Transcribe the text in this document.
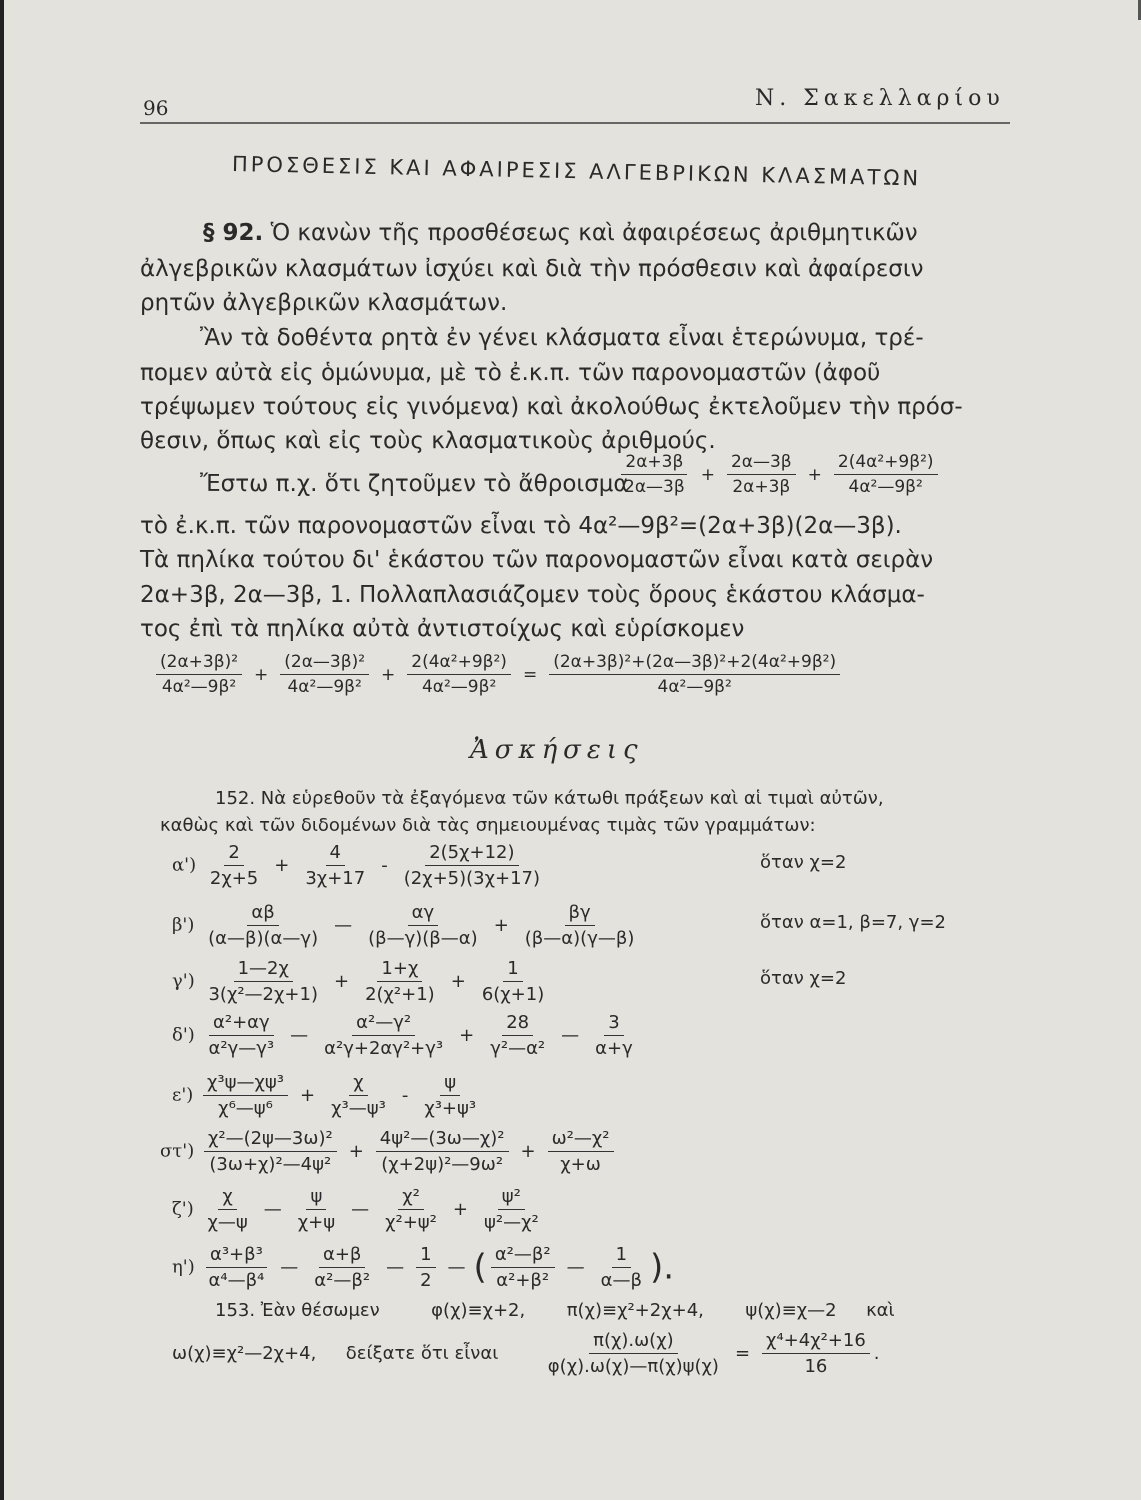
96	Ν. Σακελλαρίου
ΠΡΟΣΘΕΣΙΣ ΚΑΙ ΑΦΑΙΡΕΣΙΣ ΑΛΓΕΒΡΙΚΩΝ ΚΛΑΣΜΑΤΩΝ
§ 92. Ὁ κανὼν τῆς προσθέσεως καὶ ἀφαιρέσεως ἀριθμητικῶν
ἀλγεβρικῶν κλασμάτων ἰσχύει καὶ διὰ τὴν πρόσθεσιν καὶ ἀφαίρεσιν
ρητῶν ἀλγεβρικῶν κλασμάτων.
Ἂν τὰ δοθέντα ρητὰ ἐν γένει κλάσματα εἶναι ἑτερώνυμα, τρέ-
πομεν αὐτὰ εἰς ὁμώνυμα, μὲ τὸ ἐ.κ.π. τῶν παρονομαστῶν (ἀφοῦ
τρέψωμεν τούτους εἰς γινόμενα) καὶ ἀκολούθως ἐκτελοῦμεν τὴν πρόσ-
θεσιν, ὅπως καὶ εἰς τοὺς κλασματικοὺς ἀριθμούς.
Ἔστω π.χ. ὅτι ζητοῦμεν τὸ ἄθροισμα
$\frac{2\alpha+3\beta}{2\alpha—3\beta} + \frac{2\alpha—3\beta}{2\alpha+3\beta} + \frac{\text{2(4α²+9β²)}}{\text{4α²—9β²}}$
τὸ ἐ.κ.π. τῶν παρονομαστῶν εἶναι τὸ 4α²—9β²=(2α+3β)(2α—3β).
Τὰ πηλίκα τούτου δι' ἑκάστου τῶν παρονομαστῶν εἶναι κατὰ σειρὰν
2α+3β, 2α—3β, 1. Πολλαπλασιάζομεν τοὺς ὅρους ἑκάστου κλάσμα-
τος ἐπὶ τὰ πηλίκα αὐτὰ ἀντιστοίχως καὶ εὑρίσκομεν
$\frac{\text{(2α+3β)²}}{\text{4α²—9β²}} + \frac{\text{(2α—3β)²}}{\text{4α²—9β²}} + \frac{\text{2(4α²+9β²)}}{\text{4α²—9β²}} = \frac{\text{(2α+3β)²+(2α—3β)²+2(4α²+9β²)}}{\text{4α²—9β²}}$
Ἀσκήσεις
152. Νὰ εὑρεθοῦν τὰ ἐξαγόμενα τῶν κάτωθι πράξεων καὶ αἱ τιμαὶ αὐτῶν,
καθὼς καὶ τῶν διδομένων διὰ τὰς σημειουμένας τιμὰς τῶν γραμμάτων:
$\alpha') \frac{2}{2\chi+5} + \frac{4}{3\chi+17} - \frac{2(5\chi+12)}{(2\chi+5)(3\chi+17)}$	ὅταν χ=2
$\beta') \frac{\alpha\beta}{(\alpha—\beta)(\alpha—\gamma)}$ — $\frac{\alpha\gamma}{(\beta—\gamma)(\beta—\alpha)} + \frac{\beta\gamma}{(\beta—\alpha)(\gamma—\beta)}$	ὅταν α=1, β=7, γ=2
$\gamma') \frac{1—2\chi}{\text{3(χ²—2χ+1)}} + \frac{1+\chi}{\text{2(χ²+1)}} + \frac{1}{6(\chi+1)}$	ὅταν χ=2
$\delta') \frac{\text{α²+αγ}}{\text{α²γ—γ³}}$ — $\frac{\text{α²—γ²}}{\text{α²γ+2αγ²+γ³}} + \frac{28}{\text{γ²—α²}}$ — $\frac{3}{\alpha+\gamma}$
$\varepsilon') \frac{\text{χ³ψ—χψ³}}{\text{χ⁶—ψ⁶}} + \frac{\chi}{\text{χ³—ψ³}} - \frac{\psi}{\text{χ³+ψ³}}$
$\sigma\tau') \frac{\text{χ²—(2ψ—3ω)²}}{\text{(3ω+χ)²—4ψ²}} + \frac{\text{4ψ²—(3ω—χ)²}}{\text{(χ+2ψ)²—9ω²}} + \frac{\text{ω²—χ²}}{\chi+\omega}$
$\zeta') \frac{\chi}{\chi—\psi}$ — $\frac{\psi}{\chi+\psi}$ — $\frac{\text{χ²}}{\text{χ²+ψ²}} + \frac{\text{ψ²}}{\text{ψ²—χ²}}$
$\eta') \frac{\text{α³+β³}}{\text{α⁴—β⁴}}$ — $\frac{\alpha+\beta}{\text{α²—β²}}$ — $\frac{1}{2}$ — ( $\frac{\text{α²—β²}}{\text{α²+β²}}$ — $\frac{1}{\alpha—\beta}$ ).
153. Ἐὰν θέσωμεν	φ(χ)≡χ+2, π(χ)≡χ²+2χ+4, ψ(χ)≡χ—2 καὶ
ω(χ)≡χ²—2χ+4, δείξατε ὅτι εἶναι	$\frac{\pi(\chi).\omega(\chi)}{\varphi(\chi).\omega(\chi)—\pi(\chi)\psi(\chi)} = \frac{\text{χ⁴+4χ²+16}}{16}$ .
